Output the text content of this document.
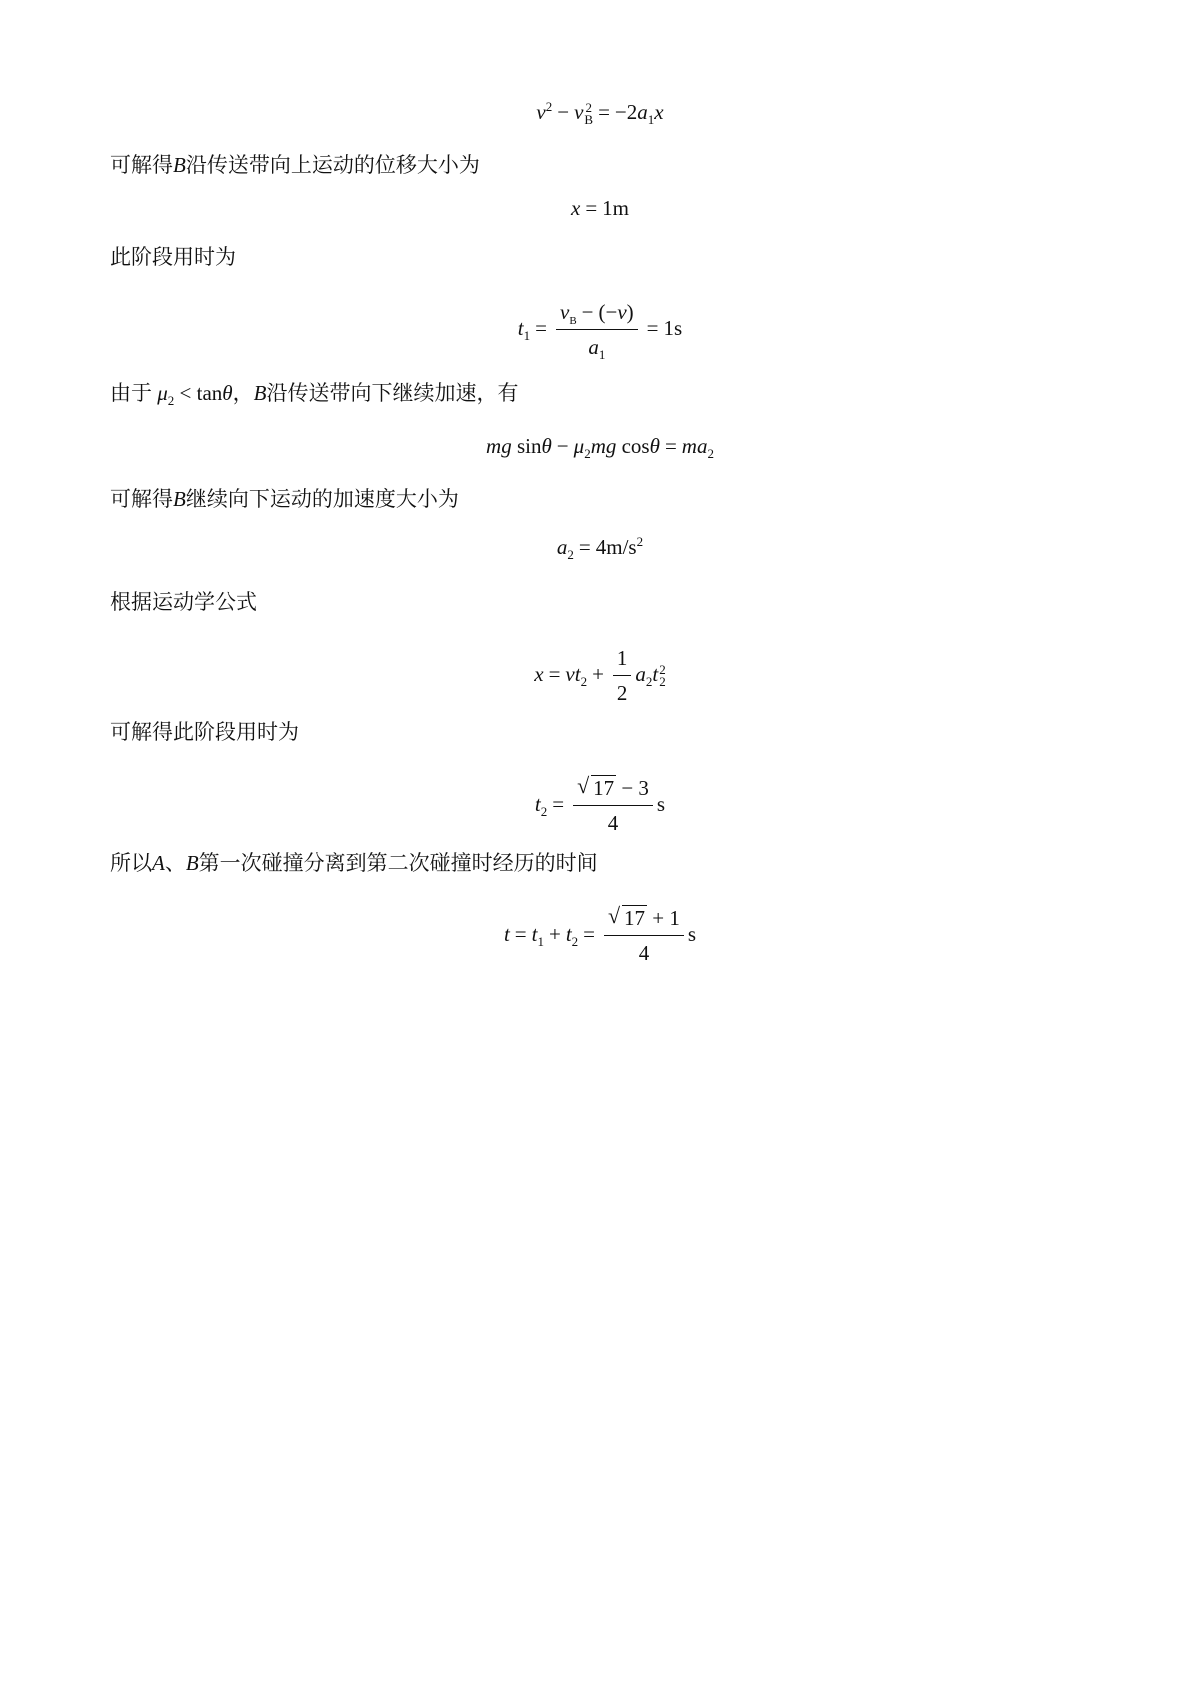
$v^2 - v$ 2
$B = -2a_1x$
可解得B沿传送带向上运动的位移大小为
x = 1m
此阶段用时为
$t_1 = \frac{v_B - (-v)}{a_1} = 1s$
由于 $\mu_2 < \tan\theta$，B沿传送带向下继续加速，有
mg $\sin\theta - \mu_2mg$ $\cos\theta = ma_2$
可解得B继续向下运动的加速度大小为
$a_2 = 4m/s^2$
根据运动学公式
$x = vt_2 + \frac{1}{2} a_2t$ 2
2
可解得此阶段用时为
$t_2 = \frac{√ 17 - 3}{4}$ s
所以A、B第一次碰撞分离到第二次碰撞时经历的时间
$t = t_1 + t_2 = \frac{√ 17 + 1}{4}$ s
